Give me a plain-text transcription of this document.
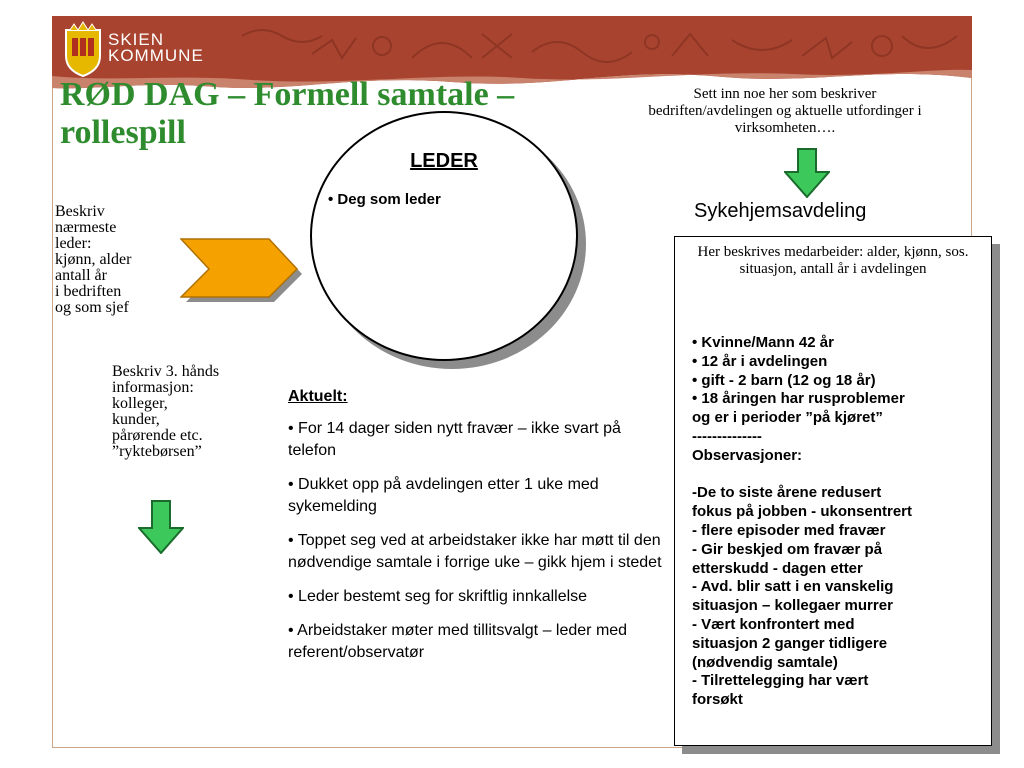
SKIEN
KOMMUNE
RØD DAG – Formell samtale – rollespill
Sett inn noe her som beskriver bedriften/avdelingen og aktuelle utfordinger i virksomheten….
Beskriv
nærmeste
leder:
kjønn, alder
antall år
i bedriften
og som sjef
Beskriv 3. hånds
informasjon:
kolleger,
kunder,
pårørende etc.
”ryktebørsen”
LEDER
• Deg som leder
Sykehjemsavdeling
Aktuelt:

• For 14 dager siden nytt fravær – ikke svart på telefon

• Dukket opp på avdelingen etter 1 uke med sykemelding

• Toppet seg ved at arbeidstaker ikke har møtt til den nødvendige samtale i forrige uke – gikk hjem i stedet

• Leder bestemt seg for skriftlig innkallelse

• Arbeidstaker møter med tillitsvalgt – leder med referent/observatør

Her beskrives medarbeider: alder, kjønn, sos. situasjon, antall år i avdelingen
• Kvinne/Mann 42 år
• 12 år i avdelingen
• gift - 2 barn (12 og 18 år)
• 18 åringen har rusproblemer
og er i perioder ”på kjøret”
--------------
Observasjoner:

-De to siste årene redusert
fokus på jobben - ukonsentrert
- flere episoder med fravær
- Gir beskjed om fravær på
etterskudd - dagen etter
- Avd. blir satt i en vanskelig
situasjon – kollegaer murrer
- Vært konfrontert med
situasjon 2 ganger tidligere
(nødvendig samtale)
- Tilrettelegging har vært
forsøkt
